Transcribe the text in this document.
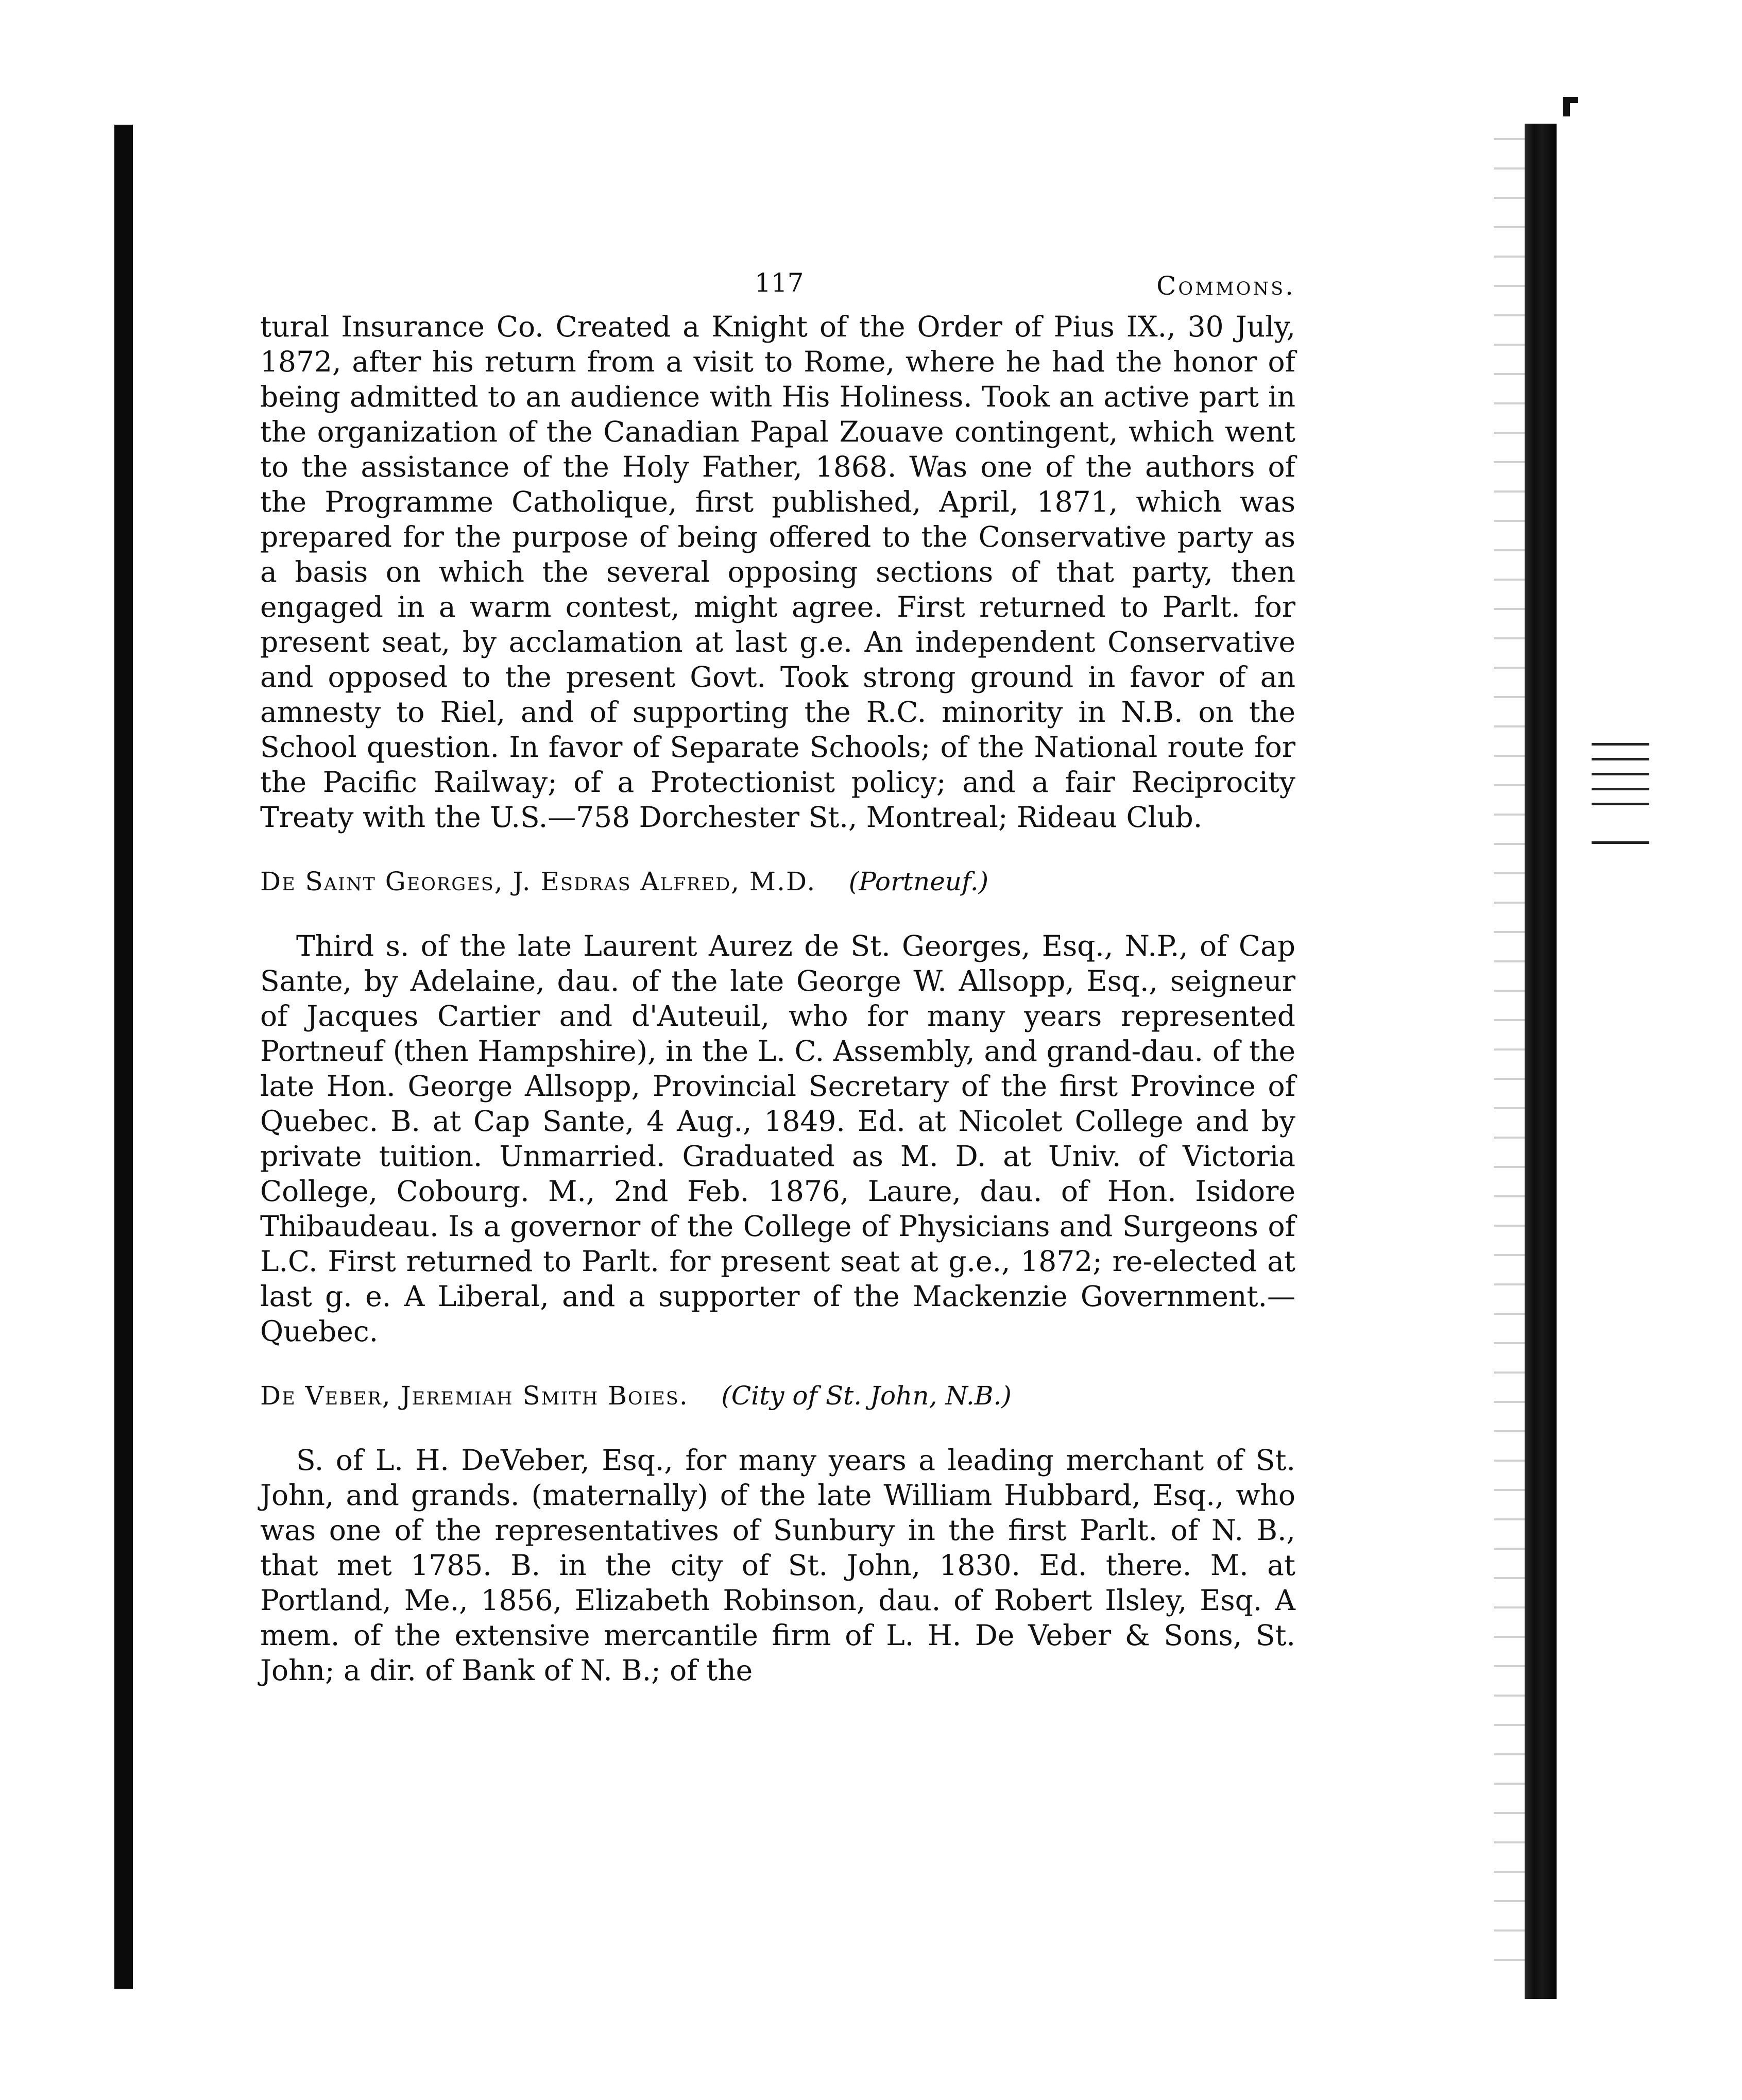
117	Commons.

tural Insurance Co. Created a Knight of the Order of Pius IX., 30 July, 1872, after his return from a visit to Rome, where he had the honor of being admitted to an audience with His Holiness. Took an active part in the organization of the Canadian Papal Zouave contingent, which went to the assistance of the Holy Father, 1868. Was one of the authors of the Programme Catholique, first published, April, 1871, which was prepared for the purpose of being offered to the Conservative party as a basis on which the several opposing sections of that party, then engaged in a warm contest, might agree. First returned to Parlt. for present seat, by acclamation at last g.e. An independent Conservative and opposed to the present Govt. Took strong ground in favor of an amnesty to Riel, and of supporting the R.C. minority in N.B. on the School question. In favor of Separate Schools; of the National route for the Pacific Railway; of a Protectionist policy; and a fair Reciprocity Treaty with the U.S.—758 Dorchester St., Montreal; Rideau Club.

De Saint Georges, J. Esdras Alfred, M.D. (Portneuf.)

Third s. of the late Laurent Aurez de St. Georges, Esq., N.P., of Cap Sante, by Adelaine, dau. of the late George W. Allsopp, Esq., seigneur of Jacques Cartier and d'Auteuil, who for many years represented Portneuf (then Hampshire), in the L. C. Assembly, and grand-dau. of the late Hon. George Allsopp, Provincial Secretary of the first Province of Quebec. B. at Cap Sante, 4 Aug., 1849. Ed. at Nicolet College and by private tuition. Unmarried. Graduated as M. D. at Univ. of Victoria College, Cobourg. M., 2nd Feb. 1876, Laure, dau. of Hon. Isidore Thibaudeau. Is a governor of the College of Physicians and Surgeons of L.C. First returned to Parlt. for present seat at g.e., 1872; re-elected at last g. e. A Liberal, and a supporter of the Mackenzie Government.—Quebec.

De Veber, Jeremiah Smith Boies. (City of St. John, N.B.)

S. of L. H. DeVeber, Esq., for many years a leading merchant of St. John, and grands. (maternally) of the late William Hubbard, Esq., who was one of the representatives of Sunbury in the first Parlt. of N. B., that met 1785. B. in the city of St. John, 1830. Ed. there. M. at Portland, Me., 1856, Elizabeth Robinson, dau. of Robert Ilsley, Esq. A mem. of the extensive mercantile firm of L. H. De Veber & Sons, St. John; a dir. of Bank of N. B.; of the
